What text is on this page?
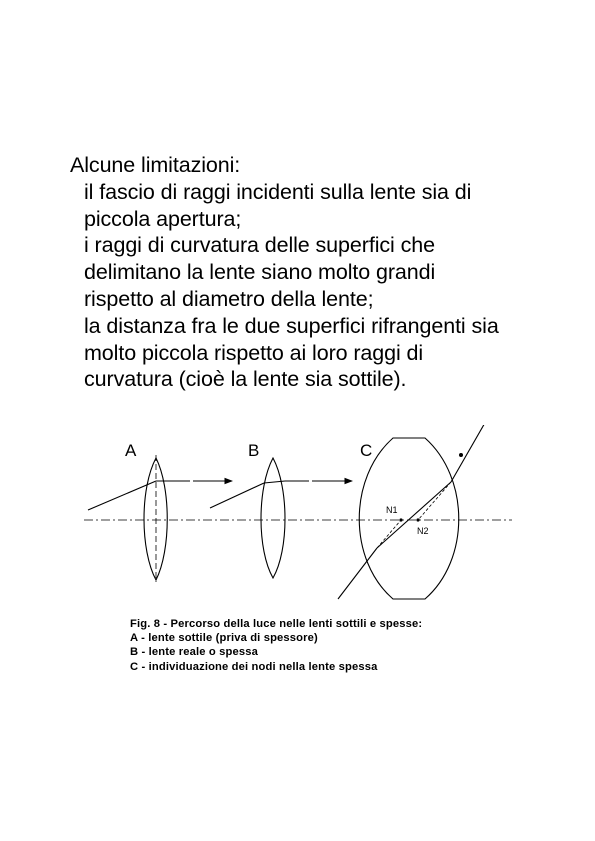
Alcune limitazioni:
il fascio di raggi incidenti sulla lente sia di
piccola apertura;
i raggi di curvatura delle superfici che
delimitano la lente siano molto grandi
rispetto al diametro della lente;
la distanza fra le due superfici rifrangenti sia
molto piccola rispetto ai loro raggi di
curvatura (cioè la lente sia sottile).
A	B	C
N1
N2
Fig. 8 - Percorso della luce nelle lenti sottili e spesse:
A - lente sottile (priva di spessore)
B - lente reale o spessa
C - individuazione dei nodi nella lente spessa
